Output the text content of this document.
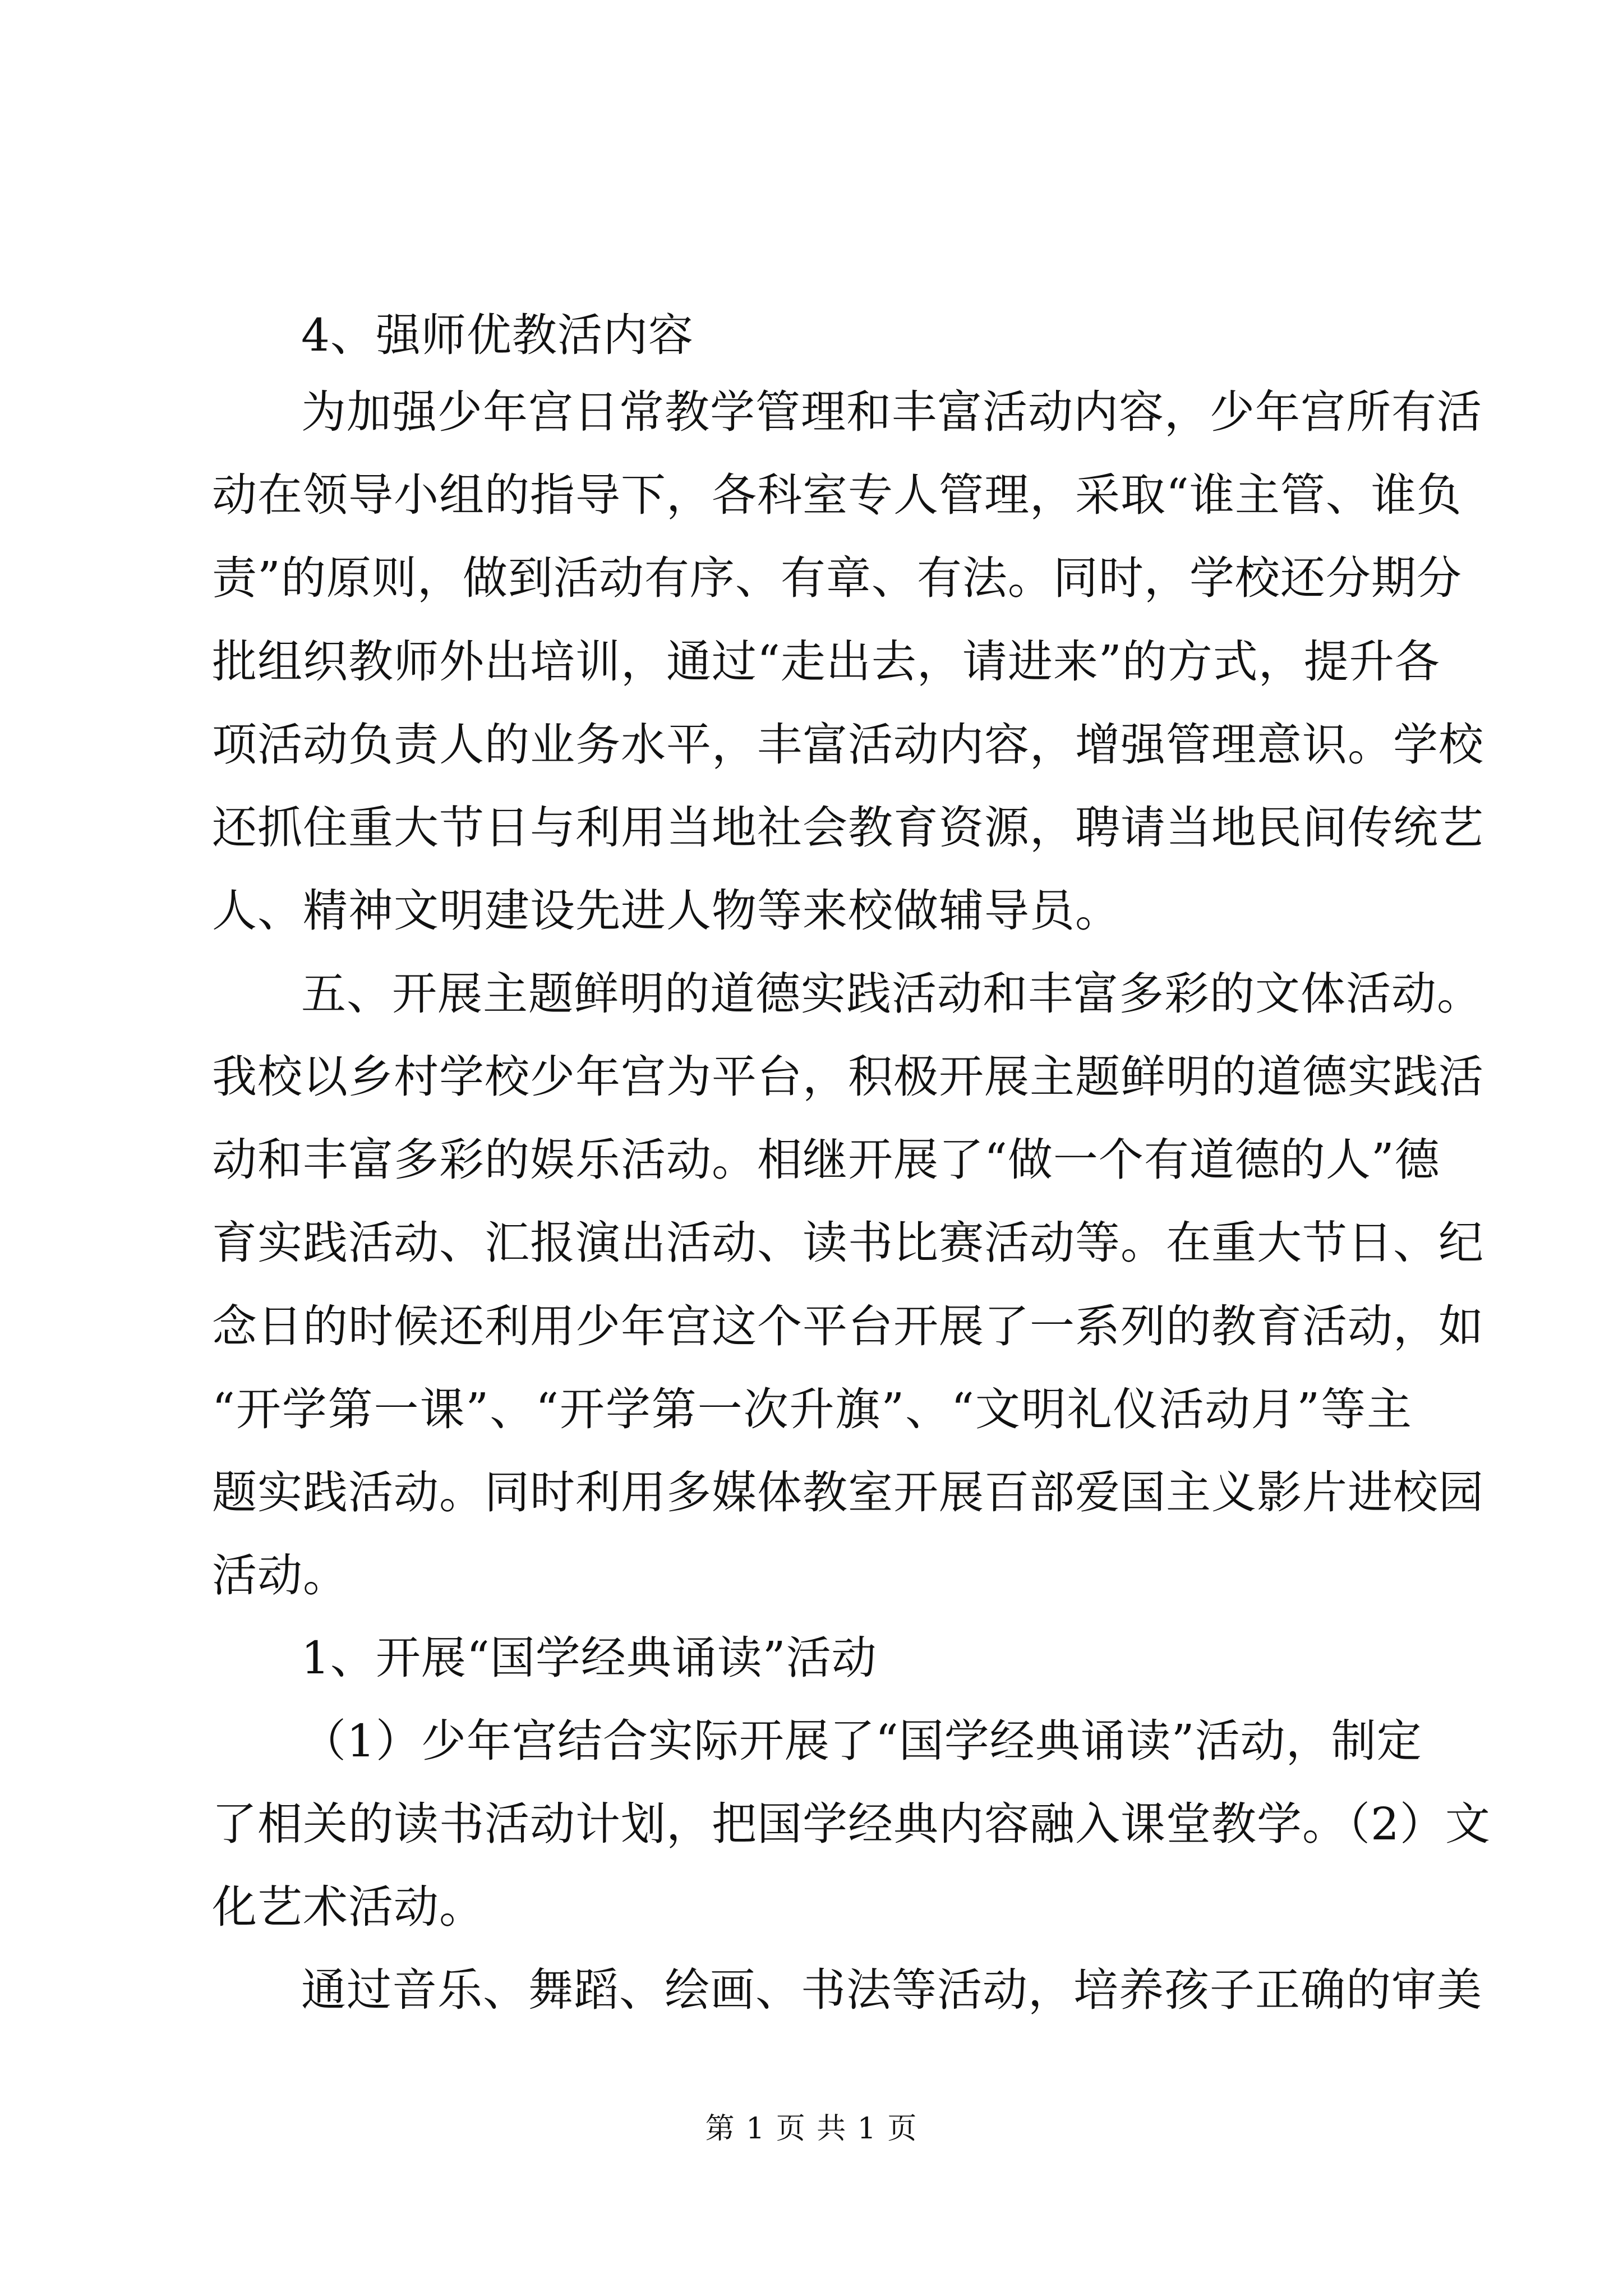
4、强师优教活内容
为加强少年宫日常教学管理和丰富活动内容，少年宫所有活
动在领导小组的指导下，各科室专人管理，采取“谁主管、谁负
责”的原则，做到活动有序、有章、有法。同时，学校还分期分
批组织教师外出培训，通过“走出去，请进来”的方式，提升各
项活动负责人的业务水平，丰富活动内容，增强管理意识。学校
还抓住重大节日与利用当地社会教育资源，聘请当地民间传统艺
人、精神文明建设先进人物等来校做辅导员。
五、开展主题鲜明的道德实践活动和丰富多彩的文体活动。
我校以乡村学校少年宫为平台，积极开展主题鲜明的道德实践活
动和丰富多彩的娱乐活动。相继开展了“做一个有道德的人”德
育实践活动、汇报演出活动、读书比赛活动等。在重大节日、纪
念日的时候还利用少年宫这个平台开展了一系列的教育活动，如
“开学第一课”、“开学第一次升旗”、“文明礼仪活动月”等主
题实践活动。同时利用多媒体教室开展百部爱国主义影片进校园
活动。
1、开展“国学经典诵读”活动
（1）少年宫结合实际开展了“国学经典诵读”活动，制定
了相关的读书活动计划，把国学经典内容融入课堂教学。（2）文
化艺术活动。
通过音乐、舞蹈、绘画、书法等活动，培养孩子正确的审美
第 1 页 共 1 页
